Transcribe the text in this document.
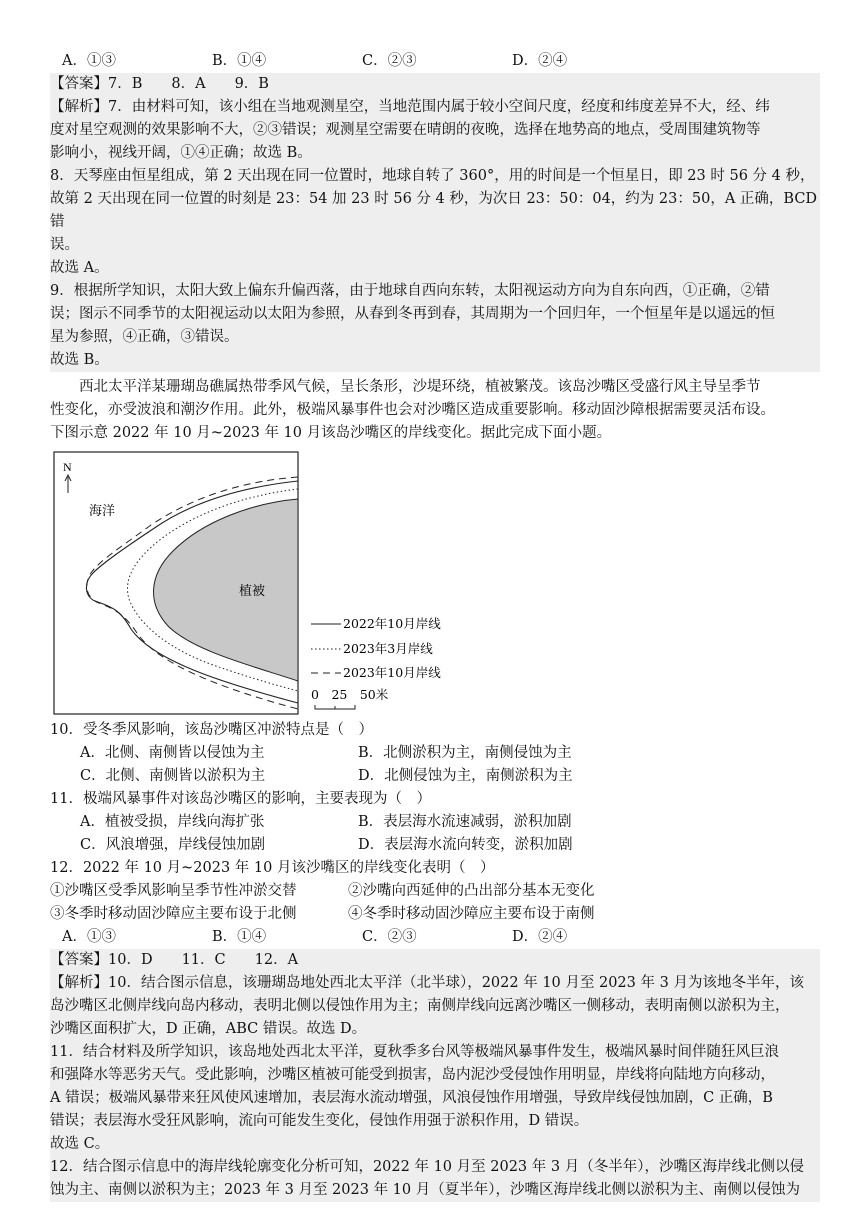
A．①③	B．①④	C．②③	D．②④
【答案】7．B　　8．A　　9．B
【解析】7．由材料可知，该小组在当地观测星空，当地范围内属于较小空间尺度，经度和纬度差异不大，经、纬
度对星空观测的效果影响不大，②③错误；观测星空需要在晴朗的夜晚，选择在地势高的地点，受周围建筑物等
影响小，视线开阔，①④正确；故选 B。
8．天琴座由恒星组成，第 2 天出现在同一位置时，地球自转了 360°，用的时间是一个恒星日，即 23 时 56 分 4 秒，
故第 2 天出现在同一位置的时刻是 23：54 加 23 时 56 分 4 秒，为次日 23：50：04，约为 23：50，A 正确，BCD 错
误。
故选 A。
9．根据所学知识，太阳大致上偏东升偏西落，由于地球自西向东转，太阳视运动方向为自东向西，①正确，②错
误；图示不同季节的太阳视运动以太阳为参照，从春到冬再到春，其周期为一个回归年，一个恒星年是以遥远的恒
星为参照，④正确，③错误。
故选 B。
西北太平洋某珊瑚岛礁属热带季风气候，呈长条形，沙堤环绕，植被繁茂。该岛沙嘴区受盛行风主导呈季节
性变化，亦受波浪和潮汐作用。此外，极端风暴事件也会对沙嘴区造成重要影响。移动固沙障根据需要灵活布设。
下图示意 2022 年 10 月~2023 年 10 月该岛沙嘴区的岸线变化。据此完成下面小题。
N
海洋
植被
2022年10月岸线
2023年3月岸线
2023年10月岸线
0　25　50米
10．受冬季风影响，该岛沙嘴区冲淤特点是（　）
A．北侧、南侧皆以侵蚀为主	B．北侧淤积为主，南侧侵蚀为主
C．北侧、南侧皆以淤积为主	D．北侧侵蚀为主，南侧淤积为主
11．极端风暴事件对该岛沙嘴区的影响，主要表现为（　）
A．植被受损，岸线向海扩张	B．表层海水流速减弱，淤积加剧
C．风浪增强，岸线侵蚀加剧	D．表层海水流向转变，淤积加剧
12．2022 年 10 月~2023 年 10 月该沙嘴区的岸线变化表明（　）
①沙嘴区受季风影响呈季节性冲淤交替	②沙嘴向西延伸的凸出部分基本无变化
③冬季时移动固沙障应主要布设于北侧	④冬季时移动固沙障应主要布设于南侧
A．①③	B．①④	C．②③	D．②④
【答案】10．D　　11．C　　12．A
【解析】10．结合图示信息，该珊瑚岛地处西北太平洋（北半球），2022 年 10 月至 2023 年 3 月为该地冬半年，该
岛沙嘴区北侧岸线向岛内移动，表明北侧以侵蚀作用为主；南侧岸线向远离沙嘴区一侧移动，表明南侧以淤积为主，
沙嘴区面积扩大，D 正确，ABC 错误。故选 D。
11．结合材料及所学知识，该岛地处西北太平洋，夏秋季多台风等极端风暴事件发生，极端风暴时间伴随狂风巨浪
和强降水等恶劣天气。受此影响，沙嘴区植被可能受到损害，岛内泥沙受侵蚀作用明显，岸线将向陆地方向移动，
A 错误；极端风暴带来狂风使风速增加，表层海水流动增强，风浪侵蚀作用增强，导致岸线侵蚀加剧，C 正确，B
错误；表层海水受狂风影响，流向可能发生变化，侵蚀作用强于淤积作用，D 错误。
故选 C。
12．结合图示信息中的海岸线轮廓变化分析可知，2022 年 10 月至 2023 年 3 月（冬半年），沙嘴区海岸线北侧以侵
蚀为主、南侧以淤积为主；2023 年 3 月至 2023 年 10 月（夏半年），沙嘴区海岸线北侧以淤积为主、南侧以侵蚀为
